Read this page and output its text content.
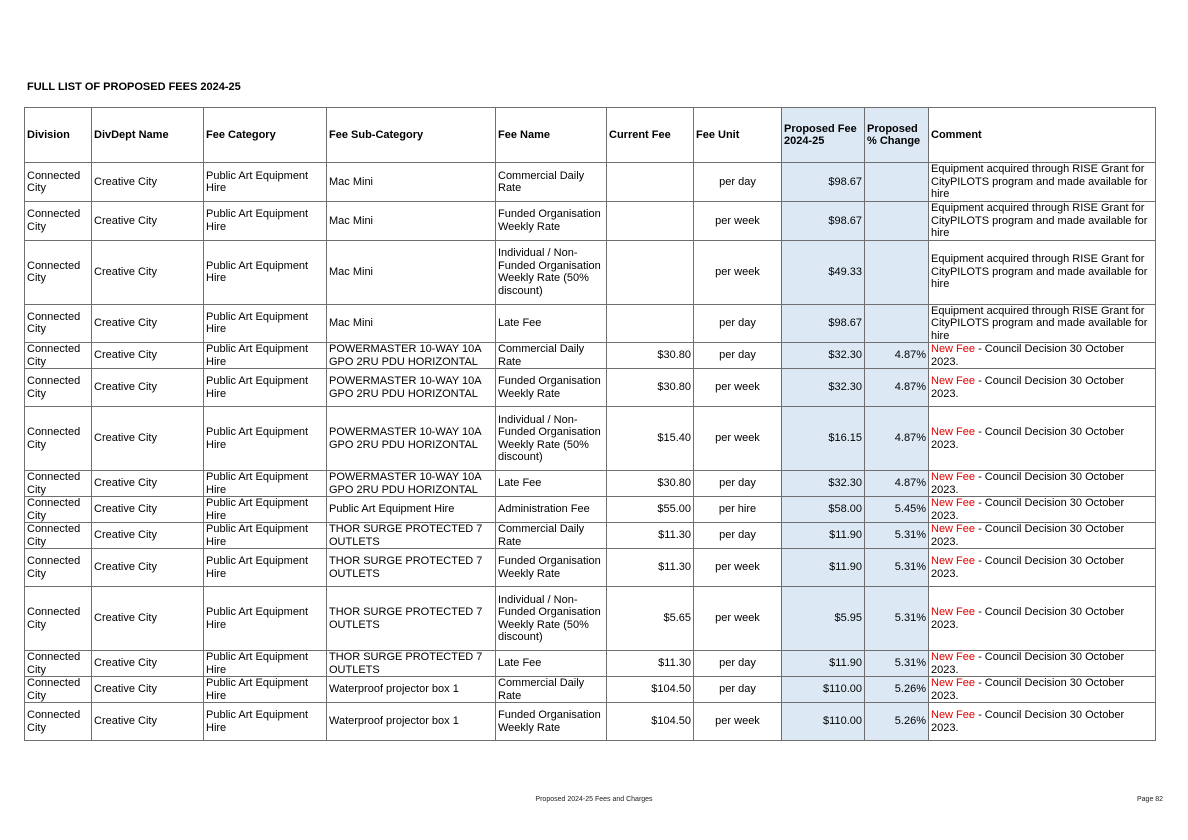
FULL LIST OF PROPOSED FEES 2024-25
Division	DivDept Name	Fee Category	Fee Sub-Category	Fee Name	Current Fee	Fee Unit	Proposed Fee 2024-25	Proposed % Change	Comment
Connected City	Creative City	Public Art Equipment Hire	Mac Mini	Commercial Daily Rate		per day	$98.67		Equipment acquired through RISE Grant for CityPILOTS program and made available for hire
Connected City	Creative City	Public Art Equipment Hire	Mac Mini	Funded Organisation Weekly Rate		per week	$98.67		Equipment acquired through RISE Grant for CityPILOTS program and made available for hire
Connected City	Creative City	Public Art Equipment Hire	Mac Mini	Individual / Non-Funded Organisation Weekly Rate (50% discount)		per week	$49.33		Equipment acquired through RISE Grant for CityPILOTS program and made available for hire
Connected City	Creative City	Public Art Equipment Hire	Mac Mini	Late Fee		per day	$98.67		Equipment acquired through RISE Grant for CityPILOTS program and made available for hire
Connected City	Creative City	Public Art Equipment Hire	POWERMASTER 10-WAY 10A GPO 2RU PDU HORIZONTAL	Commercial Daily Rate	$30.80	per day	$32.30	4.87%	New Fee - Council Decision 30 October 2023.
Connected City	Creative City	Public Art Equipment Hire	POWERMASTER 10-WAY 10A GPO 2RU PDU HORIZONTAL	Funded Organisation Weekly Rate	$30.80	per week	$32.30	4.87%	New Fee - Council Decision 30 October 2023.
Connected City	Creative City	Public Art Equipment Hire	POWERMASTER 10-WAY 10A GPO 2RU PDU HORIZONTAL	Individual / Non-Funded Organisation Weekly Rate (50% discount)	$15.40	per week	$16.15	4.87%	New Fee - Council Decision 30 October 2023.
Connected City	Creative City	Public Art Equipment Hire	POWERMASTER 10-WAY 10A GPO 2RU PDU HORIZONTAL	Late Fee	$30.80	per day	$32.30	4.87%	New Fee - Council Decision 30 October 2023.
Connected City	Creative City	Public Art Equipment Hire	Public Art Equipment Hire	Administration Fee	$55.00	per hire	$58.00	5.45%	New Fee - Council Decision 30 October 2023.
Connected City	Creative City	Public Art Equipment Hire	THOR SURGE PROTECTED 7 OUTLETS	Commercial Daily Rate	$11.30	per day	$11.90	5.31%	New Fee - Council Decision 30 October 2023.
Connected City	Creative City	Public Art Equipment Hire	THOR SURGE PROTECTED 7 OUTLETS	Funded Organisation Weekly Rate	$11.30	per week	$11.90	5.31%	New Fee - Council Decision 30 October 2023.
Connected City	Creative City	Public Art Equipment Hire	THOR SURGE PROTECTED 7 OUTLETS	Individual / Non-Funded Organisation Weekly Rate (50% discount)	$5.65	per week	$5.95	5.31%	New Fee - Council Decision 30 October 2023.
Connected City	Creative City	Public Art Equipment Hire	THOR SURGE PROTECTED 7 OUTLETS	Late Fee	$11.30	per day	$11.90	5.31%	New Fee - Council Decision 30 October 2023.
Connected City	Creative City	Public Art Equipment Hire	Waterproof projector box 1	Commercial Daily Rate	$104.50	per day	$110.00	5.26%	New Fee - Council Decision 30 October 2023.
Connected City	Creative City	Public Art Equipment Hire	Waterproof projector box 1	Funded Organisation Weekly Rate	$104.50	per week	$110.00	5.26%	New Fee - Council Decision 30 October 2023.
Proposed 2024-25 Fees and Charges	Page 82
